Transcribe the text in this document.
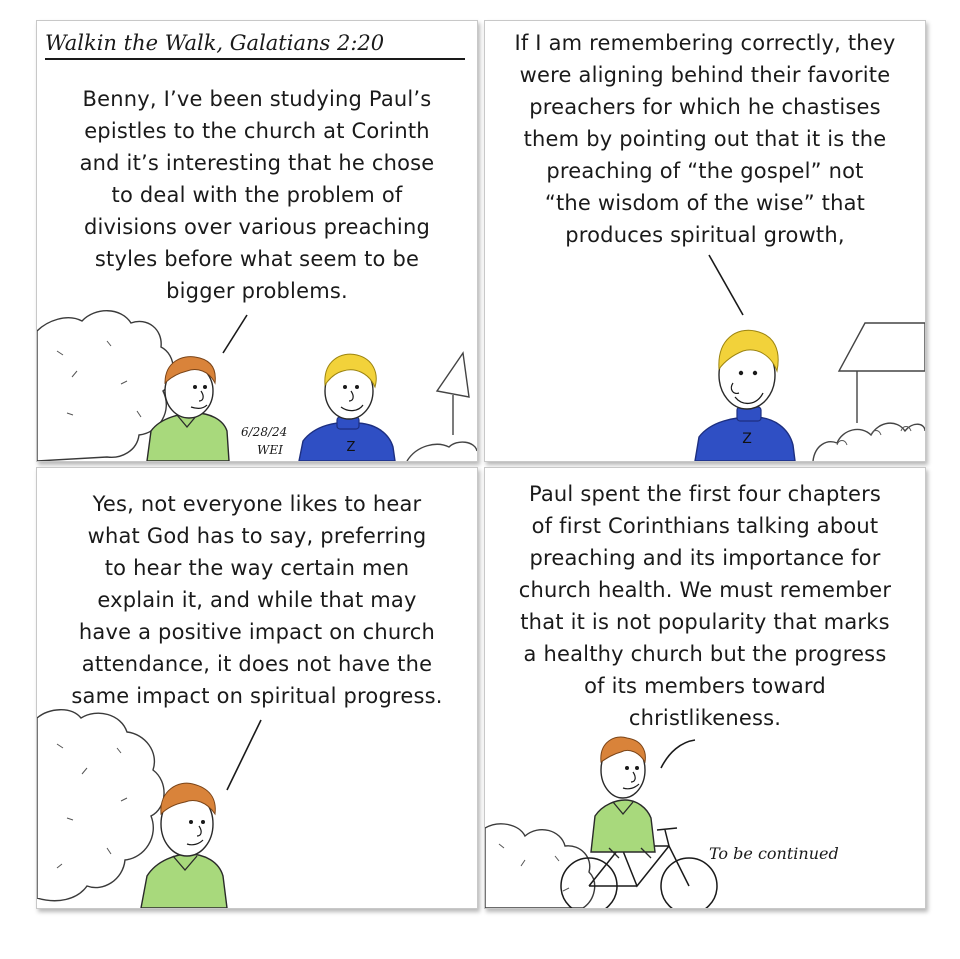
Z
Walkin the Walk, Galatians 2:20
Benny, I’ve been studying Paul’s
epistles to the church at Corinth
and it’s interesting that he chose
to deal with the problem of
divisions over various preaching
styles before what seem to be
bigger problems.
6/28/24
WEI
Z
If I am remembering correctly, they
were aligning behind their favorite
preachers for which he chastises
them by pointing out that it is the
preaching of “the gospel” not
“the wisdom of the wise” that
produces spiritual growth,
Yes, not everyone likes to hear
what God has to say, preferring
to hear the way certain men
explain it, and while that may
have a positive impact on church
attendance, it does not have the
same impact on spiritual progress.
Paul spent the first four chapters
of first Corinthians talking about
preaching and its importance for
church health. We must remember
that it is not popularity that marks
a healthy church but the progress
of its members toward
christlikeness.
To be continued
